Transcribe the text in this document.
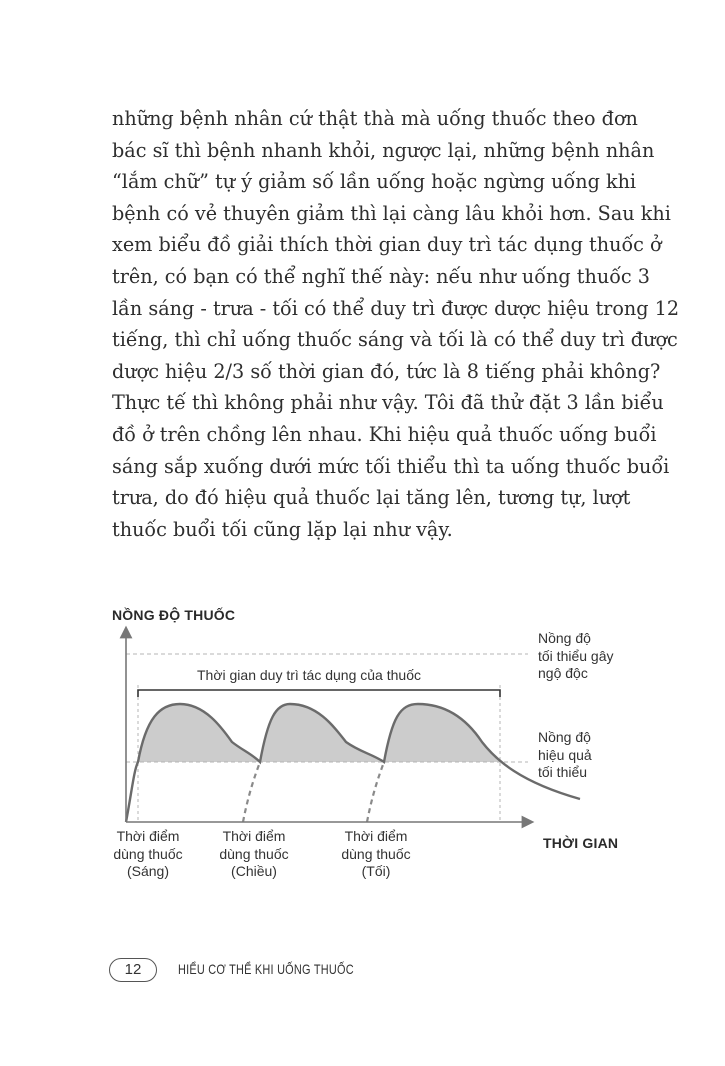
những bệnh nhân cứ thật thà mà uống thuốc theo đơn
bác sĩ thì bệnh nhanh khỏi, ngược lại, những bệnh nhân
“lắm chữ” tự ý giảm số lần uống hoặc ngừng uống khi
bệnh có vẻ thuyên giảm thì lại càng lâu khỏi hơn. Sau khi
xem biểu đồ giải thích thời gian duy trì tác dụng thuốc ở
trên, có bạn có thể nghĩ thế này: nếu như uống thuốc 3
lần sáng - trưa - tối có thể duy trì được dược hiệu trong 12
tiếng, thì chỉ uống thuốc sáng và tối là có thể duy trì được
dược hiệu 2/3 số thời gian đó, tức là 8 tiếng phải không?
Thực tế thì không phải như vậy. Tôi đã thử đặt 3 lần biểu
đồ ở trên chồng lên nhau. Khi hiệu quả thuốc uống buổi
sáng sắp xuống dưới mức tối thiểu thì ta uống thuốc buổi
trưa, do đó hiệu quả thuốc lại tăng lên, tương tự, lượt
thuốc buổi tối cũng lặp lại như vậy.
NỒNG ĐỘ THUỐC
THỜI GIAN
Thời gian duy trì tác dụng của thuốc
Nồng độ
tối thiểu gây
ngộ độc
Nồng độ
hiệu quả
tối thiểu
Thời điểm
dùng thuốc
(Sáng)
Thời điểm
dùng thuốc
(Chiều)
Thời điểm
dùng thuốc
(Tối)
12	HIỂU CƠ THỂ KHI UỐNG THUỐC
